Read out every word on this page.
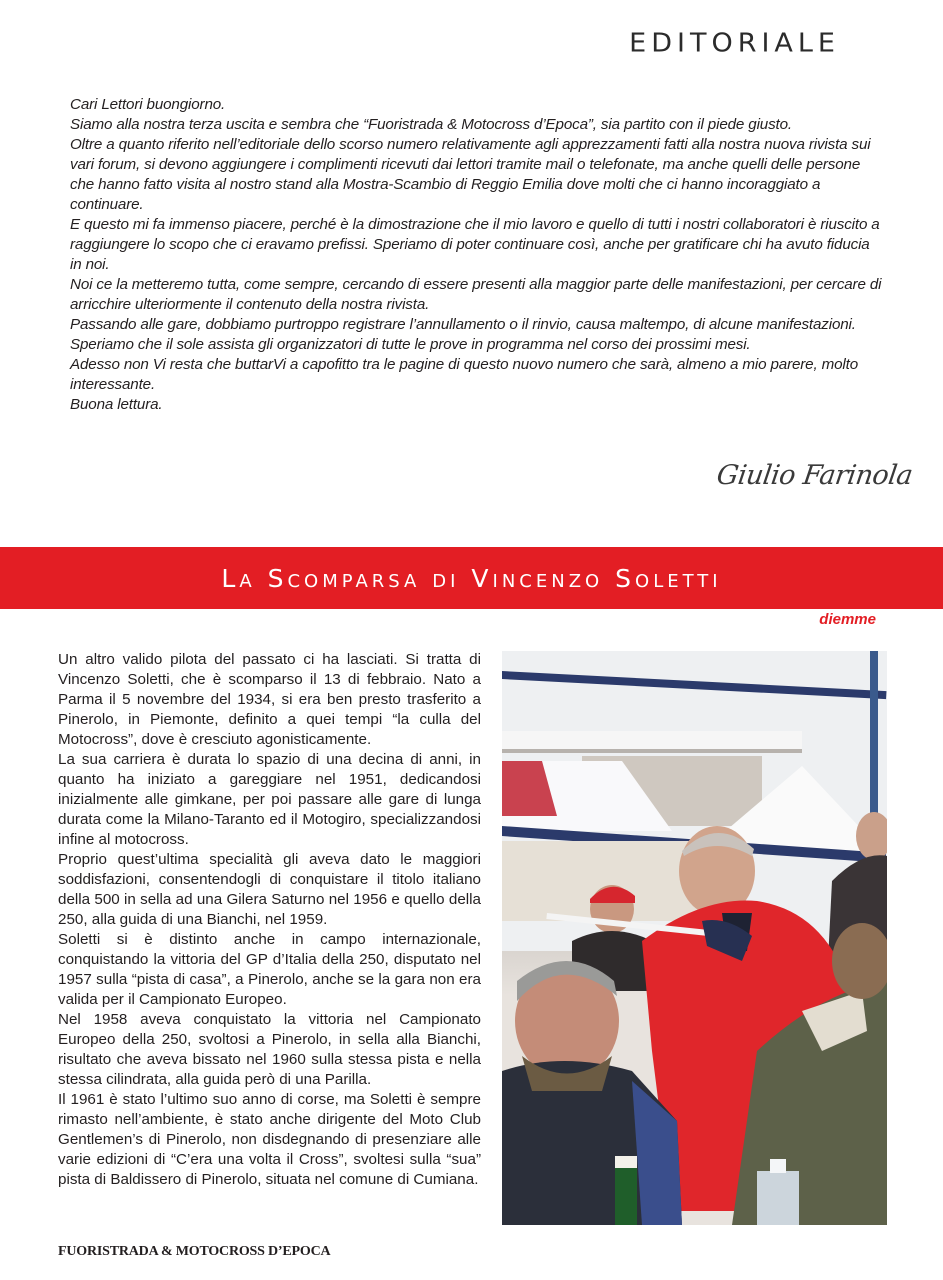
EDITORIALE

Cari Lettori buongiorno.

Siamo alla nostra terza uscita e sembra che “Fuoristrada & Motocross d’Epoca”, sia partito con il piede giusto.

Oltre a quanto riferito nell’editoriale dello scorso numero relativamente agli apprezzamenti fatti alla nostra nuova rivista sui vari forum, si devono aggiungere i complimenti ricevuti dai lettori tramite mail o telefonate, ma anche quelli delle persone che hanno fatto visita al nostro stand alla Mostra-Scambio di Reggio Emilia dove molti che ci hanno incoraggiato a continuare.

E questo mi fa immenso piacere, perché è la dimostrazione che il mio lavoro e quello di tutti i nostri collaboratori è riuscito a raggiungere lo scopo che ci eravamo prefissi. Speriamo di poter continuare così, anche per gratificare chi ha avuto fiducia in noi.

Noi ce la metteremo tutta, come sempre, cercando di essere presenti alla maggior parte delle manifestazioni, per cercare di arricchire ulteriormente il contenuto della nostra rivista.

Passando alle gare, dobbiamo purtroppo registrare l’annullamento o il rinvio, causa maltempo, di alcune manifestazioni. Speriamo che il sole assista gli organizzatori di tutte le prove in programma nel corso dei prossimi mesi.

Adesso non Vi resta che buttarVi a capofitto tra le pagine di questo nuovo numero che sarà, almeno a mio parere, molto interessante.

Buona lettura.

Giulio Farinola
La Scomparsa di Vincenzo Soletti
diemme

Un altro valido pilota del passato ci ha lasciati. Si tratta di Vincenzo Soletti, che è scomparso il 13 di febbraio. Nato a Parma il 5 novembre del 1934, si era ben presto trasferito a Pinerolo, in Piemonte, definito a quei tempi “la culla del Motocross”, dove è cresciuto agonisticamente.

La sua carriera è durata lo spazio di una decina di anni, in quanto ha iniziato a gareggiare nel 1951, dedicandosi inizialmente alle gimkane, per poi passare alle gare di lunga durata come la Milano-Taranto ed il Motogiro, specializzandosi infine al motocross.

Proprio quest’ultima specialità gli aveva dato le maggiori soddisfazioni, consentendogli di conquistare il titolo italiano della 500 in sella ad una Gilera Saturno nel 1956 e quello della 250, alla guida di una Bianchi, nel 1959.

Soletti si è distinto anche in campo internazionale, conquistando la vittoria del GP d’Italia della 250, disputato nel 1957 sulla “pista di casa”, a Pinerolo, anche se la gara non era valida per il Campionato Europeo.

Nel 1958 aveva conquistato la vittoria nel Campionato Europeo della 250, svoltosi a Pinerolo, in sella alla Bianchi, risultato che aveva bissato nel 1960 sulla stessa pista e nella stessa cilindrata, alla guida però di una Parilla.

Il 1961 è stato l’ultimo suo anno di corse, ma Soletti è sempre rimasto nell’ambiente, è stato anche dirigente del Moto Club Gentlemen’s di Pinerolo, non disdegnando di presenziare alle varie edizioni di “C’era una volta il Cross”, svoltesi sulla “sua” pista di Baldissero di Pinerolo, situata nel comune di Cumiana.

FUORISTRADA & MOTOCROSS D’EPOCA
